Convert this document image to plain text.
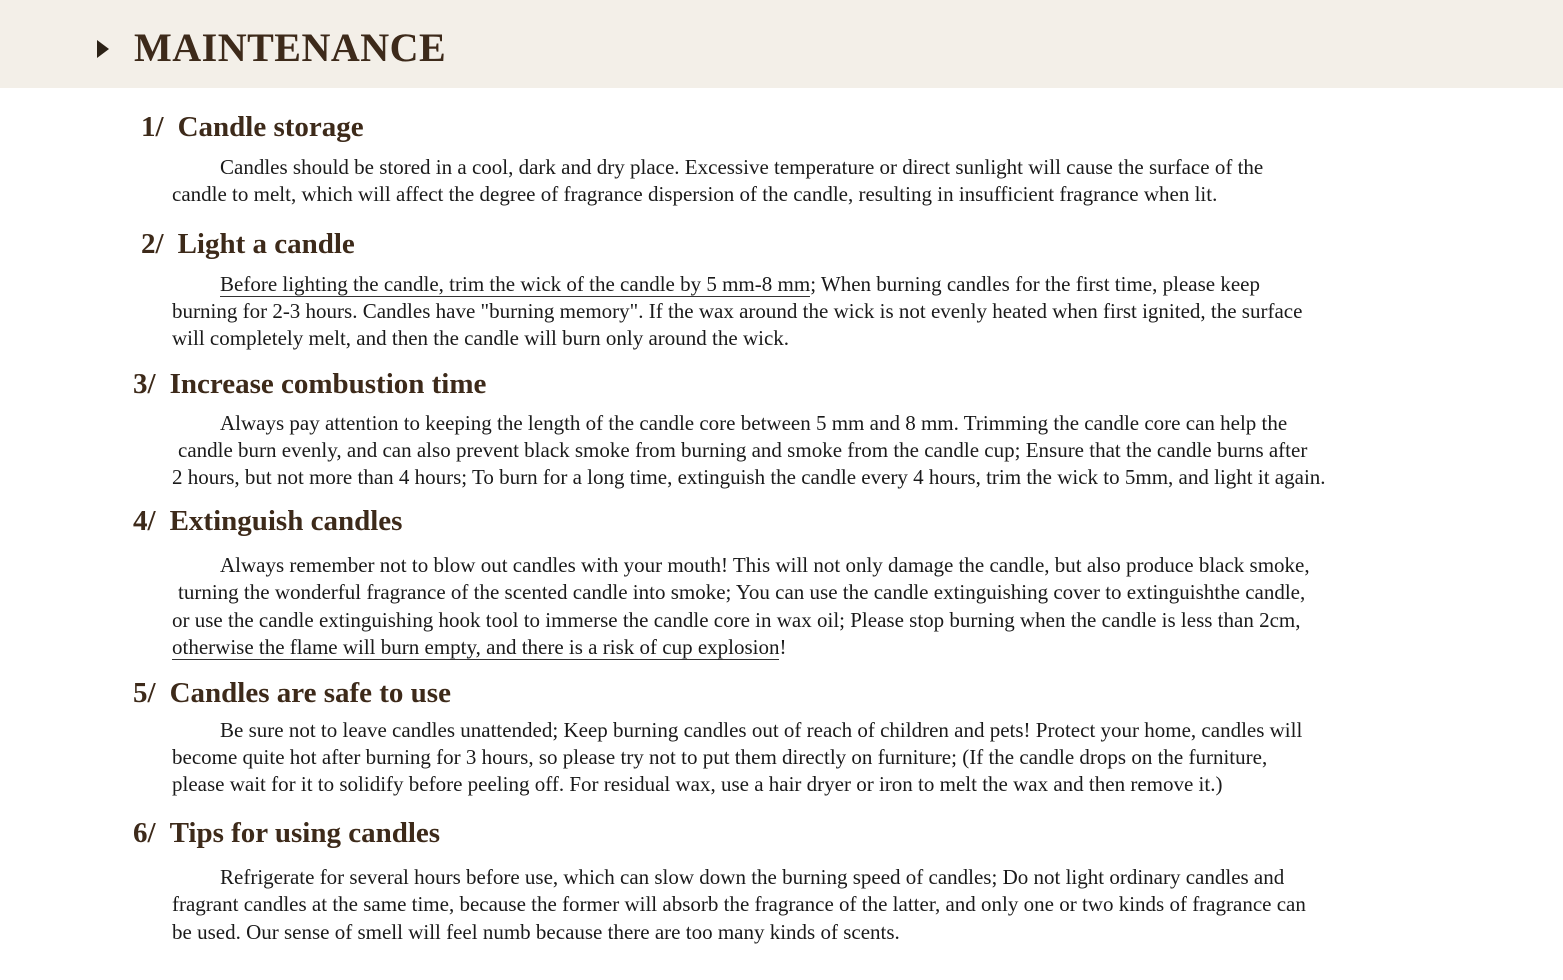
MAINTENANCE
1/ Candle storage
Candles should be stored in a cool, dark and dry place. Excessive temperature or direct sunlight will cause the surface of the
candle to melt, which will affect the degree of fragrance dispersion of the candle, resulting in insufficient fragrance when lit.
2/ Light a candle
Before lighting the candle, trim the wick of the candle by 5 mm-8 mm; When burning candles for the first time, please keep
burning for 2-3 hours. Candles have "burning memory". If the wax around the wick is not evenly heated when first ignited, the surface
will completely melt, and then the candle will burn only around the wick.
3/ Increase combustion time
Always pay attention to keeping the length of the candle core between 5 mm and 8 mm. Trimming the candle core can help the
candle burn evenly, and can also prevent black smoke from burning and smoke from the candle cup; Ensure that the candle burns after
2 hours, but not more than 4 hours; To burn for a long time, extinguish the candle every 4 hours, trim the wick to 5mm, and light it again.
4/ Extinguish candles
Always remember not to blow out candles with your mouth! This will not only damage the candle, but also produce black smoke,
turning the wonderful fragrance of the scented candle into smoke; You can use the candle extinguishing cover to extinguishthe candle,
or use the candle extinguishing hook tool to immerse the candle core in wax oil; Please stop burning when the candle is less than 2cm,
otherwise the flame will burn empty, and there is a risk of cup explosion!
5/ Candles are safe to use
Be sure not to leave candles unattended; Keep burning candles out of reach of children and pets! Protect your home, candles will
become quite hot after burning for 3 hours, so please try not to put them directly on furniture; (If the candle drops on the furniture,
please wait for it to solidify before peeling off. For residual wax, use a hair dryer or iron to melt the wax and then remove it.)
6/ Tips for using candles
Refrigerate for several hours before use, which can slow down the burning speed of candles; Do not light ordinary candles and
fragrant candles at the same time, because the former will absorb the fragrance of the latter, and only one or two kinds of fragrance can
be used. Our sense of smell will feel numb because there are too many kinds of scents.
